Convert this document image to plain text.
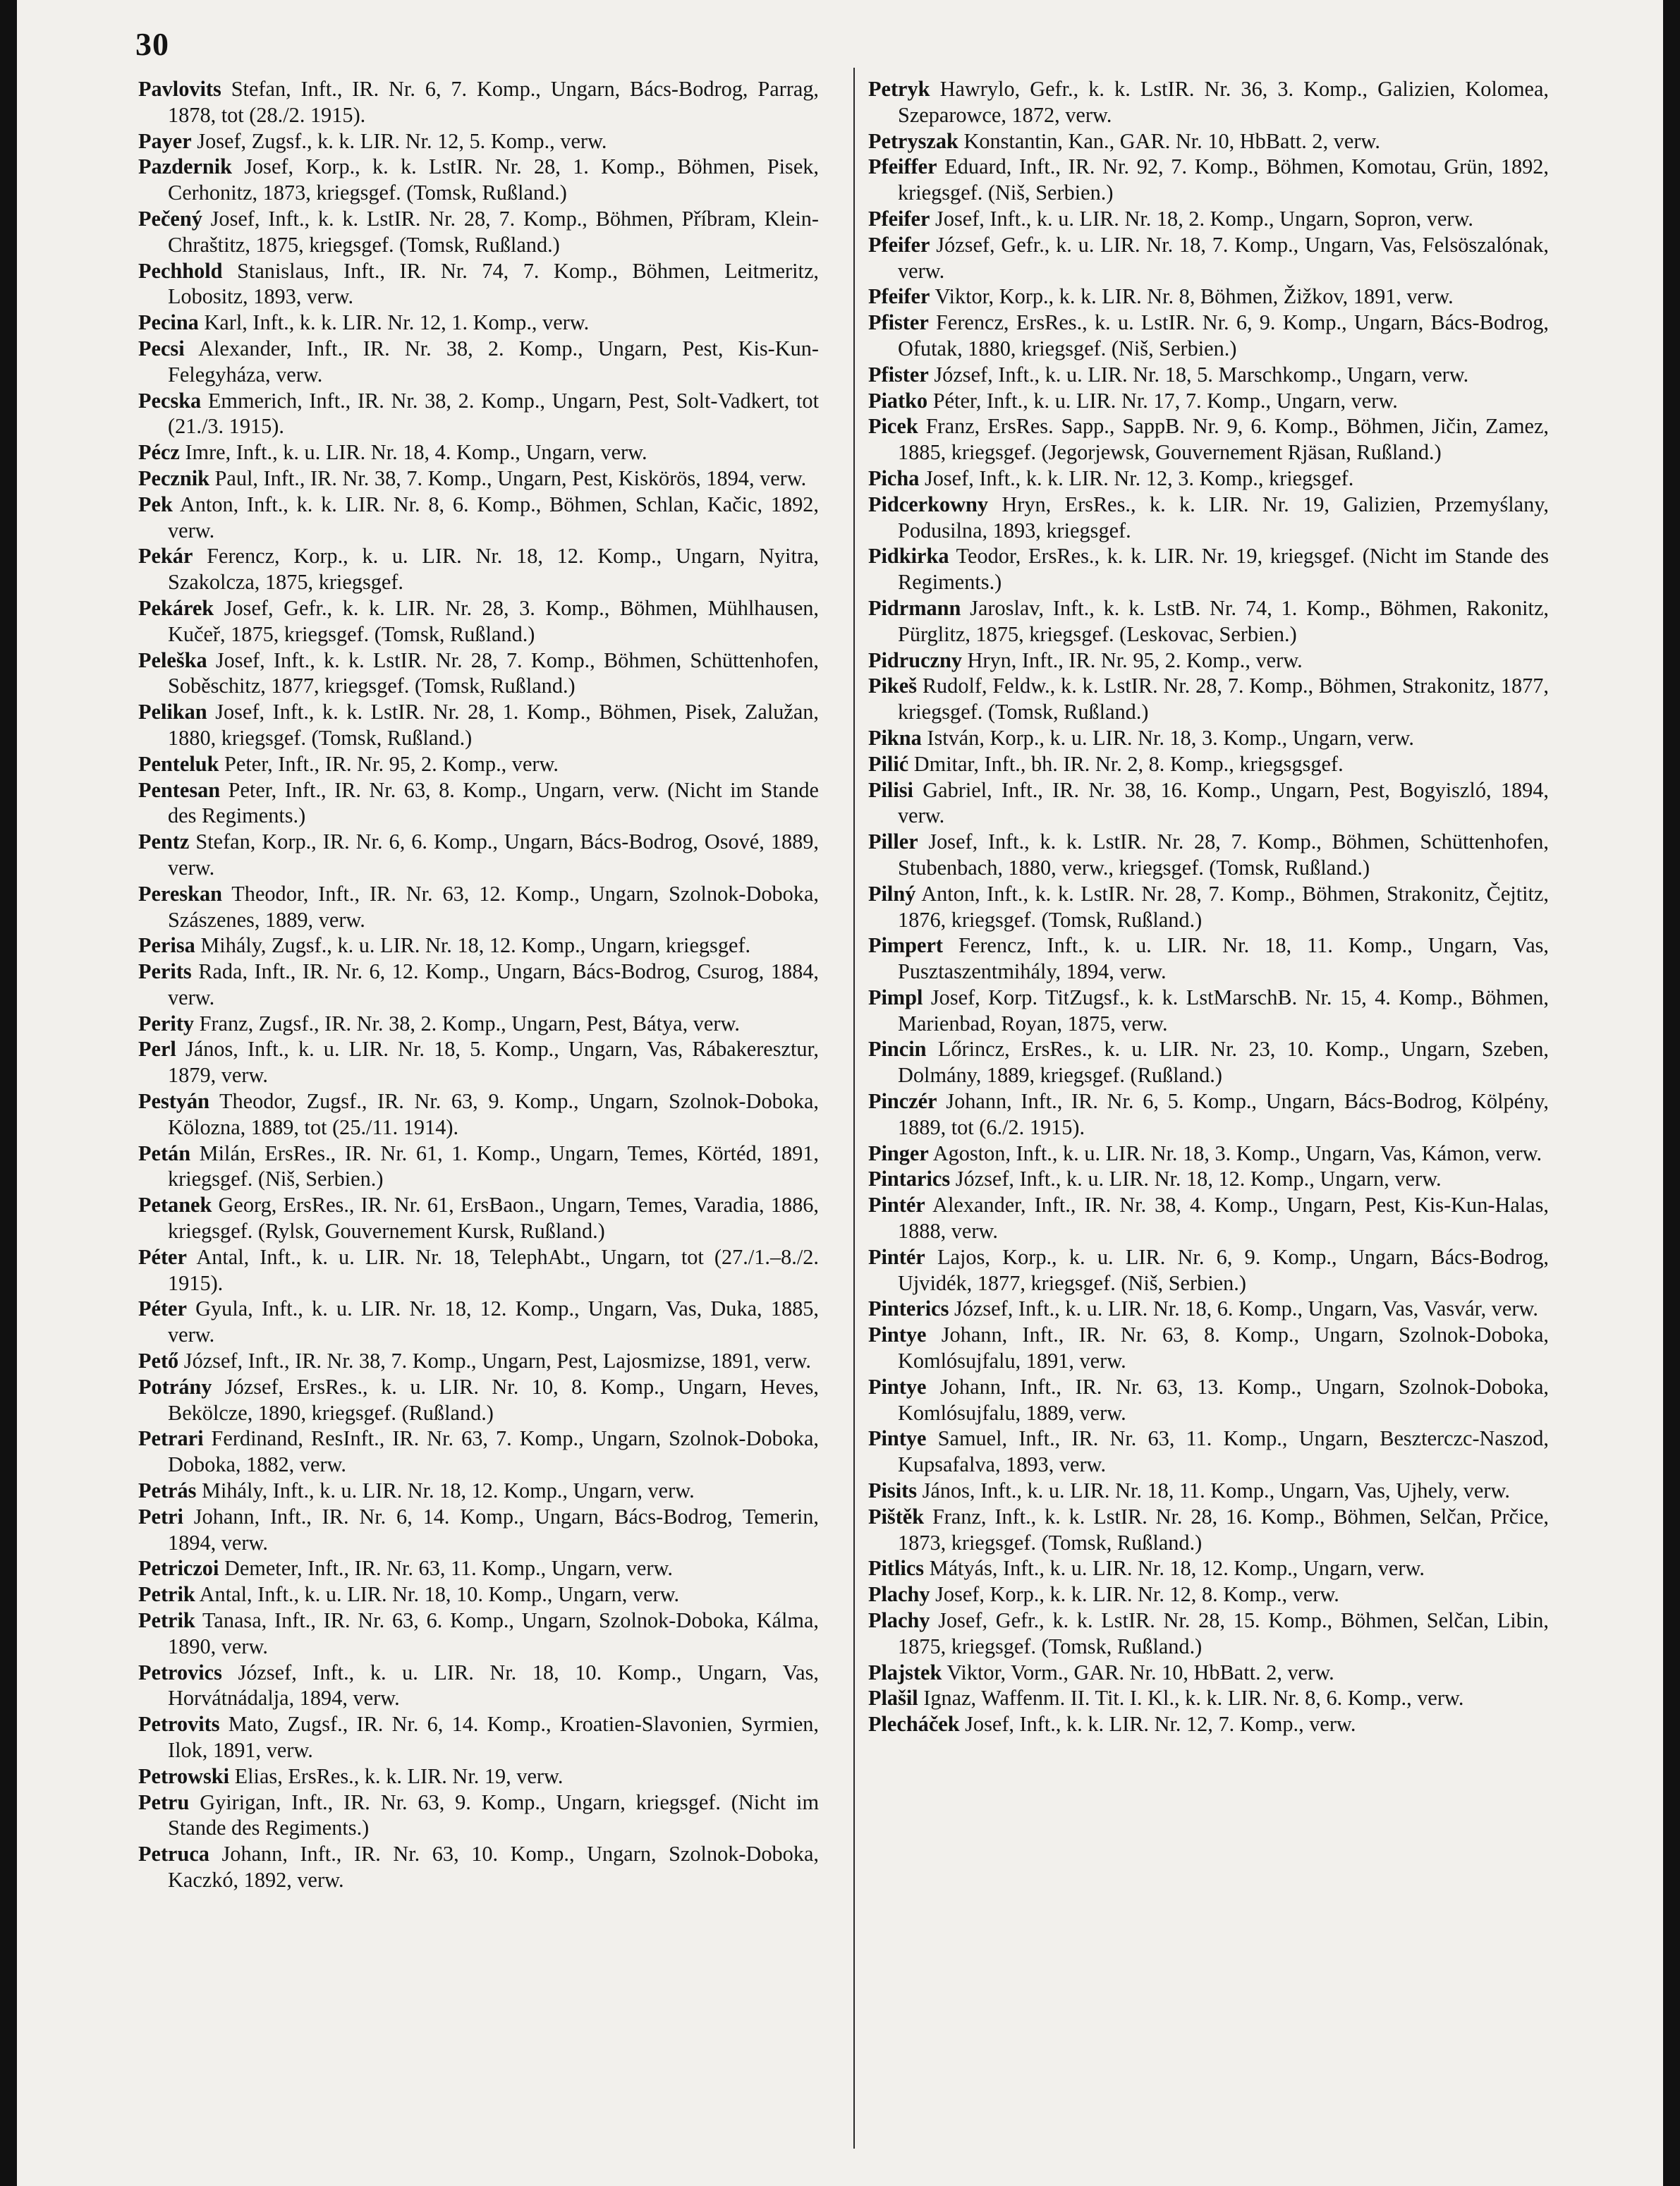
30

Pavlovits Stefan, Inft., IR. Nr. 6, 7. Komp., Ungarn, Bács-Bodrog, Parrag, 1878, tot (28./2. 1915).

Payer Josef, Zugsf., k. k. LIR. Nr. 12, 5. Komp., verw.

Pazdernik Josef, Korp., k. k. LstIR. Nr. 28, 1. Komp., Böhmen, Pisek, Cerhonitz, 1873, kriegsgef. (Tomsk, Rußland.)

Pečený Josef, Inft., k. k. LstIR. Nr. 28, 7. Komp., Böhmen, Příbram, Klein-Chraštitz, 1875, kriegsgef. (Tomsk, Rußland.)

Pechhold Stanislaus, Inft., IR. Nr. 74, 7. Komp., Böhmen, Leitmeritz, Lobositz, 1893, verw.

Pecina Karl, Inft., k. k. LIR. Nr. 12, 1. Komp., verw.

Pecsi Alexander, Inft., IR. Nr. 38, 2. Komp., Ungarn, Pest, Kis-Kun-Felegyháza, verw.

Pecska Emmerich, Inft., IR. Nr. 38, 2. Komp., Ungarn, Pest, Solt-Vadkert, tot (21./3. 1915).

Pécz Imre, Inft., k. u. LIR. Nr. 18, 4. Komp., Ungarn, verw.

Pecznik Paul, Inft., IR. Nr. 38, 7. Komp., Ungarn, Pest, Kiskörös, 1894, verw.

Pek Anton, Inft., k. k. LIR. Nr. 8, 6. Komp., Böhmen, Schlan, Kačic, 1892, verw.

Pekár Ferencz, Korp., k. u. LIR. Nr. 18, 12. Komp., Ungarn, Nyitra, Szakolcza, 1875, kriegsgef.

Pekárek Josef, Gefr., k. k. LIR. Nr. 28, 3. Komp., Böhmen, Mühlhausen, Kučeř, 1875, kriegsgef. (Tomsk, Rußland.)

Peleška Josef, Inft., k. k. LstIR. Nr. 28, 7. Komp., Böhmen, Schüttenhofen, Soběschitz, 1877, kriegsgef. (Tomsk, Rußland.)

Pelikan Josef, Inft., k. k. LstIR. Nr. 28, 1. Komp., Böhmen, Pisek, Zalužan, 1880, kriegsgef. (Tomsk, Rußland.)

Penteluk Peter, Inft., IR. Nr. 95, 2. Komp., verw.

Pentesan Peter, Inft., IR. Nr. 63, 8. Komp., Ungarn, verw. (Nicht im Stande des Regiments.)

Pentz Stefan, Korp., IR. Nr. 6, 6. Komp., Ungarn, Bács-Bodrog, Osové, 1889, verw.

Pereskan Theodor, Inft., IR. Nr. 63, 12. Komp., Ungarn, Szolnok-Doboka, Szászenes, 1889, verw.

Perisa Mihály, Zugsf., k. u. LIR. Nr. 18, 12. Komp., Ungarn, kriegsgef.

Perits Rada, Inft., IR. Nr. 6, 12. Komp., Ungarn, Bács-Bodrog, Csurog, 1884, verw.

Perity Franz, Zugsf., IR. Nr. 38, 2. Komp., Ungarn, Pest, Bátya, verw.

Perl János, Inft., k. u. LIR. Nr. 18, 5. Komp., Ungarn, Vas, Rábakeresztur, 1879, verw.

Pestyán Theodor, Zugsf., IR. Nr. 63, 9. Komp., Ungarn, Szolnok-Doboka, Kölozna, 1889, tot (25./11. 1914).

Petán Milán, ErsRes., IR. Nr. 61, 1. Komp., Ungarn, Temes, Körtéd, 1891, kriegsgef. (Niš, Serbien.)

Petanek Georg, ErsRes., IR. Nr. 61, ErsBaon., Ungarn, Temes, Varadia, 1886, kriegsgef. (Rylsk, Gouvernement Kursk, Rußland.)

Péter Antal, Inft., k. u. LIR. Nr. 18, TelephAbt., Ungarn, tot (27./1.–8./2. 1915).

Péter Gyula, Inft., k. u. LIR. Nr. 18, 12. Komp., Ungarn, Vas, Duka, 1885, verw.

Pető József, Inft., IR. Nr. 38, 7. Komp., Ungarn, Pest, Lajosmizse, 1891, verw.

Potrány József, ErsRes., k. u. LIR. Nr. 10, 8. Komp., Ungarn, Heves, Bekölcze, 1890, kriegsgef. (Rußland.)

Petrari Ferdinand, ResInft., IR. Nr. 63, 7. Komp., Ungarn, Szolnok-Doboka, Doboka, 1882, verw.

Petrás Mihály, Inft., k. u. LIR. Nr. 18, 12. Komp., Ungarn, verw.

Petri Johann, Inft., IR. Nr. 6, 14. Komp., Ungarn, Bács-Bodrog, Temerin, 1894, verw.

Petriczoi Demeter, Inft., IR. Nr. 63, 11. Komp., Ungarn, verw.

Petrik Antal, Inft., k. u. LIR. Nr. 18, 10. Komp., Ungarn, verw.

Petrik Tanasa, Inft., IR. Nr. 63, 6. Komp., Ungarn, Szolnok-Doboka, Kálma, 1890, verw.

Petrovics József, Inft., k. u. LIR. Nr. 18, 10. Komp., Ungarn, Vas, Horvátnádalja, 1894, verw.

Petrovits Mato, Zugsf., IR. Nr. 6, 14. Komp., Kroatien-Slavonien, Syrmien, Ilok, 1891, verw.

Petrowski Elias, ErsRes., k. k. LIR. Nr. 19, verw.

Petru Gyirigan, Inft., IR. Nr. 63, 9. Komp., Ungarn, kriegsgef. (Nicht im Stande des Regiments.)

Petruca Johann, Inft., IR. Nr. 63, 10. Komp., Ungarn, Szolnok-Doboka, Kaczkó, 1892, verw.

Petryk Hawrylo, Gefr., k. k. LstIR. Nr. 36, 3. Komp., Galizien, Kolomea, Szeparowce, 1872, verw.

Petryszak Konstantin, Kan., GAR. Nr. 10, HbBatt. 2, verw.

Pfeiffer Eduard, Inft., IR. Nr. 92, 7. Komp., Böhmen, Komotau, Grün, 1892, kriegsgef. (Niš, Serbien.)

Pfeifer Josef, Inft., k. u. LIR. Nr. 18, 2. Komp., Ungarn, Sopron, verw.

Pfeifer József, Gefr., k. u. LIR. Nr. 18, 7. Komp., Ungarn, Vas, Felsöszalónak, verw.

Pfeifer Viktor, Korp., k. k. LIR. Nr. 8, Böhmen, Žižkov, 1891, verw.

Pfister Ferencz, ErsRes., k. u. LstIR. Nr. 6, 9. Komp., Ungarn, Bács-Bodrog, Ofutak, 1880, kriegsgef. (Niš, Serbien.)

Pfister József, Inft., k. u. LIR. Nr. 18, 5. Marschkomp., Ungarn, verw.

Piatko Péter, Inft., k. u. LIR. Nr. 17, 7. Komp., Ungarn, verw.

Picek Franz, ErsRes. Sapp., SappB. Nr. 9, 6. Komp., Böhmen, Jičin, Zamez, 1885, kriegsgef. (Jegorjewsk, Gouvernement Rjäsan, Rußland.)

Picha Josef, Inft., k. k. LIR. Nr. 12, 3. Komp., kriegsgef.

Pidcerkowny Hryn, ErsRes., k. k. LIR. Nr. 19, Galizien, Przemyślany, Podusilna, 1893, kriegsgef.

Pidkirka Teodor, ErsRes., k. k. LIR. Nr. 19, kriegsgef. (Nicht im Stande des Regiments.)

Pidrmann Jaroslav, Inft., k. k. LstB. Nr. 74, 1. Komp., Böhmen, Rakonitz, Pürglitz, 1875, kriegsgef. (Leskovac, Serbien.)

Pidruczny Hryn, Inft., IR. Nr. 95, 2. Komp., verw.

Pikeš Rudolf, Feldw., k. k. LstIR. Nr. 28, 7. Komp., Böhmen, Strakonitz, 1877, kriegsgef. (Tomsk, Rußland.)

Pikna István, Korp., k. u. LIR. Nr. 18, 3. Komp., Ungarn, verw.

Pilić Dmitar, Inft., bh. IR. Nr. 2, 8. Komp., kriegsgsgef.

Pilisi Gabriel, Inft., IR. Nr. 38, 16. Komp., Ungarn, Pest, Bogyiszló, 1894, verw.

Piller Josef, Inft., k. k. LstIR. Nr. 28, 7. Komp., Böhmen, Schüttenhofen, Stubenbach, 1880, verw., kriegsgef. (Tomsk, Rußland.)

Pilný Anton, Inft., k. k. LstIR. Nr. 28, 7. Komp., Böhmen, Strakonitz, Čejtitz, 1876, kriegsgef. (Tomsk, Rußland.)

Pimpert Ferencz, Inft., k. u. LIR. Nr. 18, 11. Komp., Ungarn, Vas, Pusztaszentmihály, 1894, verw.

Pimpl Josef, Korp. TitZugsf., k. k. LstMarschB. Nr. 15, 4. Komp., Böhmen, Marienbad, Royan, 1875, verw.

Pincin Lőrincz, ErsRes., k. u. LIR. Nr. 23, 10. Komp., Ungarn, Szeben, Dolmány, 1889, kriegsgef. (Rußland.)

Pinczér Johann, Inft., IR. Nr. 6, 5. Komp., Ungarn, Bács-Bodrog, Kölpény, 1889, tot (6./2. 1915).

Pinger Agoston, Inft., k. u. LIR. Nr. 18, 3. Komp., Ungarn, Vas, Kámon, verw.

Pintarics József, Inft., k. u. LIR. Nr. 18, 12. Komp., Ungarn, verw.

Pintér Alexander, Inft., IR. Nr. 38, 4. Komp., Ungarn, Pest, Kis-Kun-Halas, 1888, verw.

Pintér Lajos, Korp., k. u. LIR. Nr. 6, 9. Komp., Ungarn, Bács-Bodrog, Ujvidék, 1877, kriegsgef. (Niš, Serbien.)

Pinterics József, Inft., k. u. LIR. Nr. 18, 6. Komp., Ungarn, Vas, Vasvár, verw.

Pintye Johann, Inft., IR. Nr. 63, 8. Komp., Ungarn, Szolnok-Doboka, Komlósujfalu, 1891, verw.

Pintye Johann, Inft., IR. Nr. 63, 13. Komp., Ungarn, Szolnok-Doboka, Komlósujfalu, 1889, verw.

Pintye Samuel, Inft., IR. Nr. 63, 11. Komp., Ungarn, Beszterczc-Naszod, Kupsafalva, 1893, verw.

Pisits János, Inft., k. u. LIR. Nr. 18, 11. Komp., Ungarn, Vas, Ujhely, verw.

Pištěk Franz, Inft., k. k. LstIR. Nr. 28, 16. Komp., Böhmen, Selčan, Prčice, 1873, kriegsgef. (Tomsk, Rußland.)

Pitlics Mátyás, Inft., k. u. LIR. Nr. 18, 12. Komp., Ungarn, verw.

Plachy Josef, Korp., k. k. LIR. Nr. 12, 8. Komp., verw.

Plachy Josef, Gefr., k. k. LstIR. Nr. 28, 15. Komp., Böhmen, Selčan, Libin, 1875, kriegsgef. (Tomsk, Rußland.)

Plajstek Viktor, Vorm., GAR. Nr. 10, HbBatt. 2, verw.

Plašil Ignaz, Waffenm. II. Tit. I. Kl., k. k. LIR. Nr. 8, 6. Komp., verw.

Plecháček Josef, Inft., k. k. LIR. Nr. 12, 7. Komp., verw.
